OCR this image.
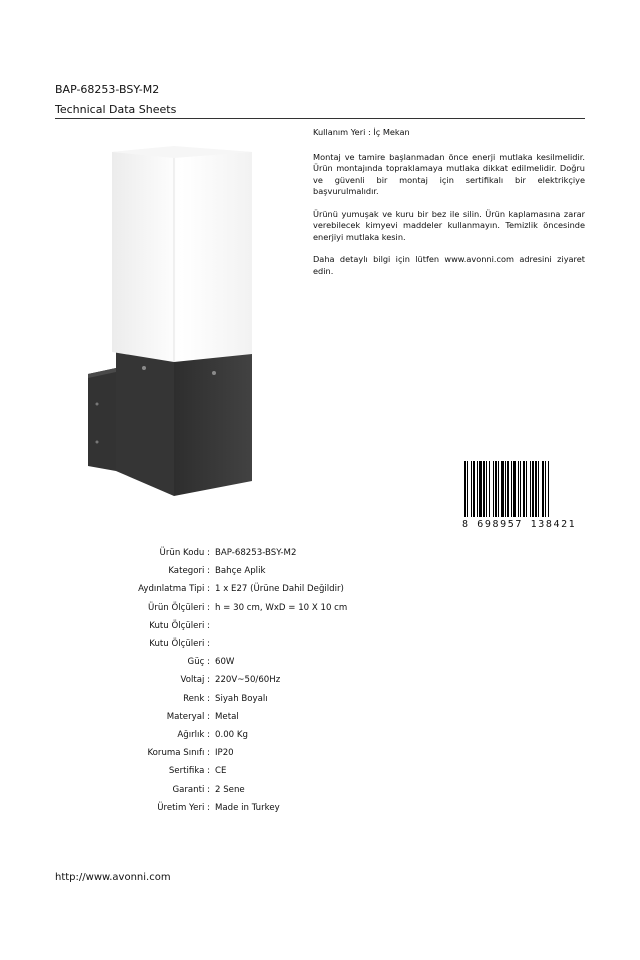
BAP-68253-BSY-M2
Technical Data Sheets

Kullanım Yeri : İç Mekan

Montaj ve tamire başlanmadan önce enerji mutlaka kesilmelidir. Ürün montajında topraklamaya mutlaka dikkat edilmelidir. Doğru ve güvenli bir montaj için sertifikalı bir elektrikçiye başvurulmalıdır.

Ürünü yumuşak ve kuru bir bez ile silin. Ürün kaplamasına zarar verebilecek kimyevi maddeler kullanmayın. Temizlik öncesinde enerjiyi mutlaka kesin.

Daha detaylı bilgi için lütfen www.avonni.com adresini ziyaret edin.

8 698957 138421
Ürün Kodu : BAP-68253-BSY-M2
Kategori : Bahçe Aplik
Aydınlatma Tipi : 1 x E27 (Ürüne Dahil Değildir)
Ürün Ölçüleri : h = 30 cm, WxD = 10 X 10 cm
Kutu Ölçüleri :
Kutu Ölçüleri :
Güç : 60W
Voltaj : 220V~50/60Hz
Renk : Siyah Boyalı
Materyal : Metal
Ağırlık : 0.00 Kg
Koruma Sınıfı : IP20
Sertifika : CE
Garanti : 2 Sene
Üretim Yeri : Made in Turkey
http://www.avonni.com
